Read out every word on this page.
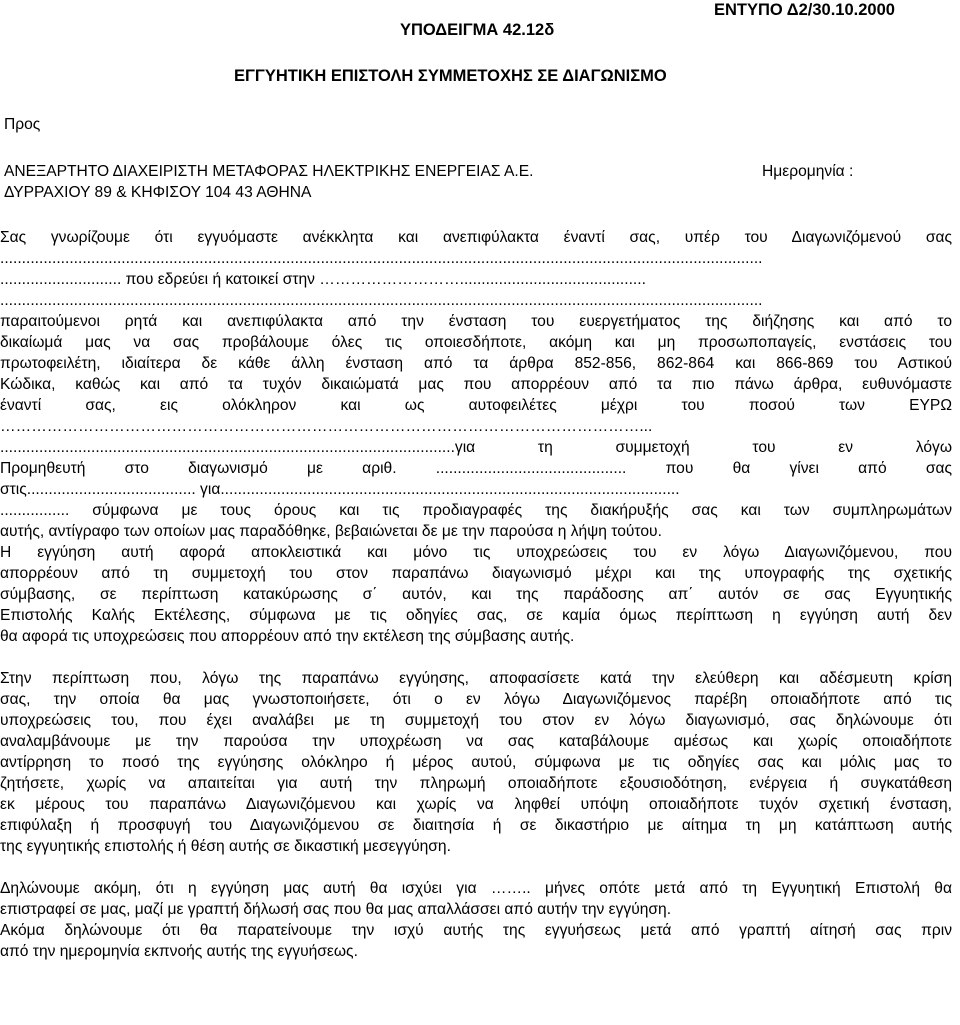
ΥΠΟΔΕΙΓΜΑ 42.12δ
ΕΝΤΥΠΟ Δ2/30.10.2000
ΕΓΓΥΗΤΙΚΗ ΕΠΙΣΤΟΛΗ ΣΥΜΜΕΤΟΧΗΣ ΣΕ ΔΙΑΓΩΝΙΣΜΟ
Προς
ΑΝΕΞΑΡΤΗΤΟ ΔΙΑΧΕΙΡΙΣΤΗ ΜΕΤΑΦΟΡΑΣ ΗΛΕΚΤΡΙΚΗΣ ΕΝΕΡΓΕΙΑΣ Α.Ε.
ΔΥΡΡΑΧΙΟΥ 89 & ΚΗΦΙΣΟΥ 104 43 ΑΘΗΝΑ
Ημερομηνία :
Σας γνωρίζουμε ότι εγγυόμαστε ανέκκλητα και ανεπιφύλακτα έναντί σας, υπέρ του Διαγωνιζόμενού σας
................................................................................................................................................................................
............................ που εδρεύει ή κατοικεί στην ………………………...........................................
................................................................................................................................................................................
παραιτούμενοι ρητά και ανεπιφύλακτα από την ένσταση του ευεργετήματος της διήζησης και από το
δικαίωμά μας να σας προβάλουμε όλες τις οποιεσδήποτε, ακόμη και μη προσωποπαγείς, ενστάσεις του
πρωτοφειλέτη, ιδιαίτερα δε κάθε άλλη ένσταση από τα άρθρα 852-856, 862-864 και 866-869 του Αστικού
Κώδικα, καθώς και από τα τυχόν δικαιώματά μας που απορρέουν από τα πιο πάνω άρθρα, ευθυνόμαστε
έναντί σας, εις ολόκληρον και ως αυτοφειλέτες μέχρι του ποσού των ΕΥΡΩ
……………………………………………………………………………………………………………...
.........................................................................................................για τη συμμετοχή του εν λόγω
Προμηθευτή στο διαγωνισμό με αριθ. ............................................ που θα γίνει από σας
στις....................................... για..........................................................................................................
................ σύμφωνα με τους όρους και τις προδιαγραφές της διακήρυξής σας και των συμπληρωμάτων
αυτής, αντίγραφο των οποίων μας παραδόθηκε, βεβαιώνεται δε με την παρούσα η λήψη τούτου.
Η εγγύηση αυτή αφορά αποκλειστικά και μόνο τις υποχρεώσεις του εν λόγω Διαγωνιζόμενου, που
απορρέουν από τη συμμετοχή του στον παραπάνω διαγωνισμό μέχρι και της υπογραφής της σχετικής
σύμβασης, σε περίπτωση κατακύρωσης σ΄ αυτόν, και της παράδοσης απ΄ αυτόν σε σας Εγγυητικής
Επιστολής Καλής Εκτέλεσης, σύμφωνα με τις οδηγίες σας, σε καμία όμως περίπτωση η εγγύηση αυτή δεν
θα αφορά τις υποχρεώσεις που απορρέουν από την εκτέλεση της σύμβασης αυτής.
Στην περίπτωση που, λόγω της παραπάνω εγγύησης, αποφασίσετε κατά την ελεύθερη και αδέσμευτη κρίση
σας, την οποία θα μας γνωστοποιήσετε, ότι ο εν λόγω Διαγωνιζόμενος παρέβη οποιαδήποτε από τις
υποχρεώσεις του, που έχει αναλάβει με τη συμμετοχή του στον εν λόγω διαγωνισμό, σας δηλώνουμε ότι
αναλαμβάνουμε με την παρούσα την υποχρέωση να σας καταβάλουμε αμέσως και χωρίς οποιαδήποτε
αντίρρηση το ποσό της εγγύησης ολόκληρο ή μέρος αυτού, σύμφωνα με τις οδηγίες σας και μόλις μας το
ζητήσετε, χωρίς να απαιτείται για αυτή την πληρωμή οποιαδήποτε εξουσιοδότηση, ενέργεια ή συγκατάθεση
εκ μέρους του παραπάνω Διαγωνιζόμενου και χωρίς να ληφθεί υπόψη οποιαδήποτε τυχόν σχετική ένσταση,
επιφύλαξη ή προσφυγή του Διαγωνιζόμενου σε διαιτησία ή σε δικαστήριο με αίτημα τη μη κατάπτωση αυτής
της εγγυητικής επιστολής ή θέση αυτής σε δικαστική μεσεγγύηση.
Δηλώνουμε ακόμη, ότι η εγγύηση μας αυτή θα ισχύει για …….. μήνες οπότε μετά από τη Εγγυητική Επιστολή θα
επιστραφεί σε μας, μαζί με γραπτή δήλωσή σας που θα μας απαλλάσσει από αυτήν την εγγύηση.
Ακόμα δηλώνουμε ότι θα παρατείνουμε την ισχύ αυτής της εγγυήσεως μετά από γραπτή αίτησή σας πριν
από την ημερομηνία εκπνοής αυτής της εγγυήσεως.
